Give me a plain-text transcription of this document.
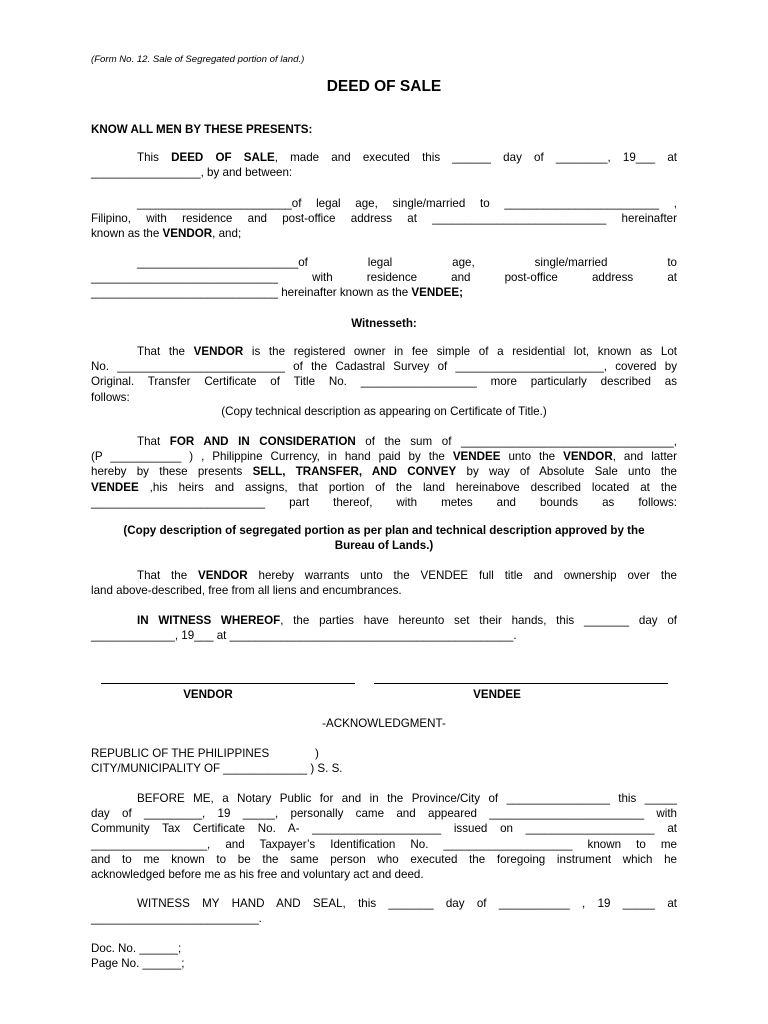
(Form No. 12. Sale of Segregated portion of land.)
DEED OF SALE
KNOW ALL MEN BY THESE PRESENTS:
This DEED OF SALE, made and executed this ______ day of ________, 19___ at
_________________, by and between:
________________________of legal age, single/married to ________________________ ,
Filipino, with residence and post-office address at ___________________________ hereinafter
known as the VENDOR, and;
_________________________of legal age, single/married to
_____________________________ with residence and post-office address at
_____________________________ hereinafter known as the VENDEE;
Witnesseth:
That the VENDOR is the registered owner in fee simple of a residential lot, known as Lot
No. __________________________ of the Cadastral Survey of _______________________, covered by
Original. Transfer Certificate of Title No. __________________ more particularly described as
follows:
(Copy technical description as appearing on Certificate of Title.)
That FOR AND IN CONSIDERATION of the sum of _________________________________,
(P ___________ ) , Philippine Currency, in hand paid by the VENDEE unto the VENDOR, and latter
hereby by these presents SELL, TRANSFER, AND CONVEY by way of Absolute Sale unto the
VENDEE ,his heirs and assigns, that portion of the land hereinabove described located at the
___________________________ part thereof, with metes and bounds as follows:
(Copy description of segregated portion as per plan and technical description approved by the
Bureau of Lands.)
That the VENDOR hereby warrants unto the VENDEE full title and ownership over the
land above-described, free from all liens and encumbrances.
IN WITNESS WHEREOF, the parties have hereunto set their hands, this _______ day of
_____________, 19___ at ____________________________________________.
VENDOR	VENDEE
-ACKNOWLEDGMENT-
REPUBLIC OF THE PHILIPPINES	)
CITY/MUNICIPALITY OF _____________ ) S. S.
BEFORE ME, a Notary Public for and in the Province/City of ________________ this _____
day of _________, 19 _____, personally came and appeared ________________________ with
Community Tax Certificate No. A- ____________________ issued on ____________________ at
__________________, and Taxpayer’s Identification No. ____________________ known to me
and to me known to be the same person who executed the foregoing instrument which he
acknowledged before me as his free and voluntary act and deed.
WITNESS MY HAND AND SEAL, this _______ day of ___________ , 19 _____ at
__________________________.
Doc. No. ______;
Page No. ______;
